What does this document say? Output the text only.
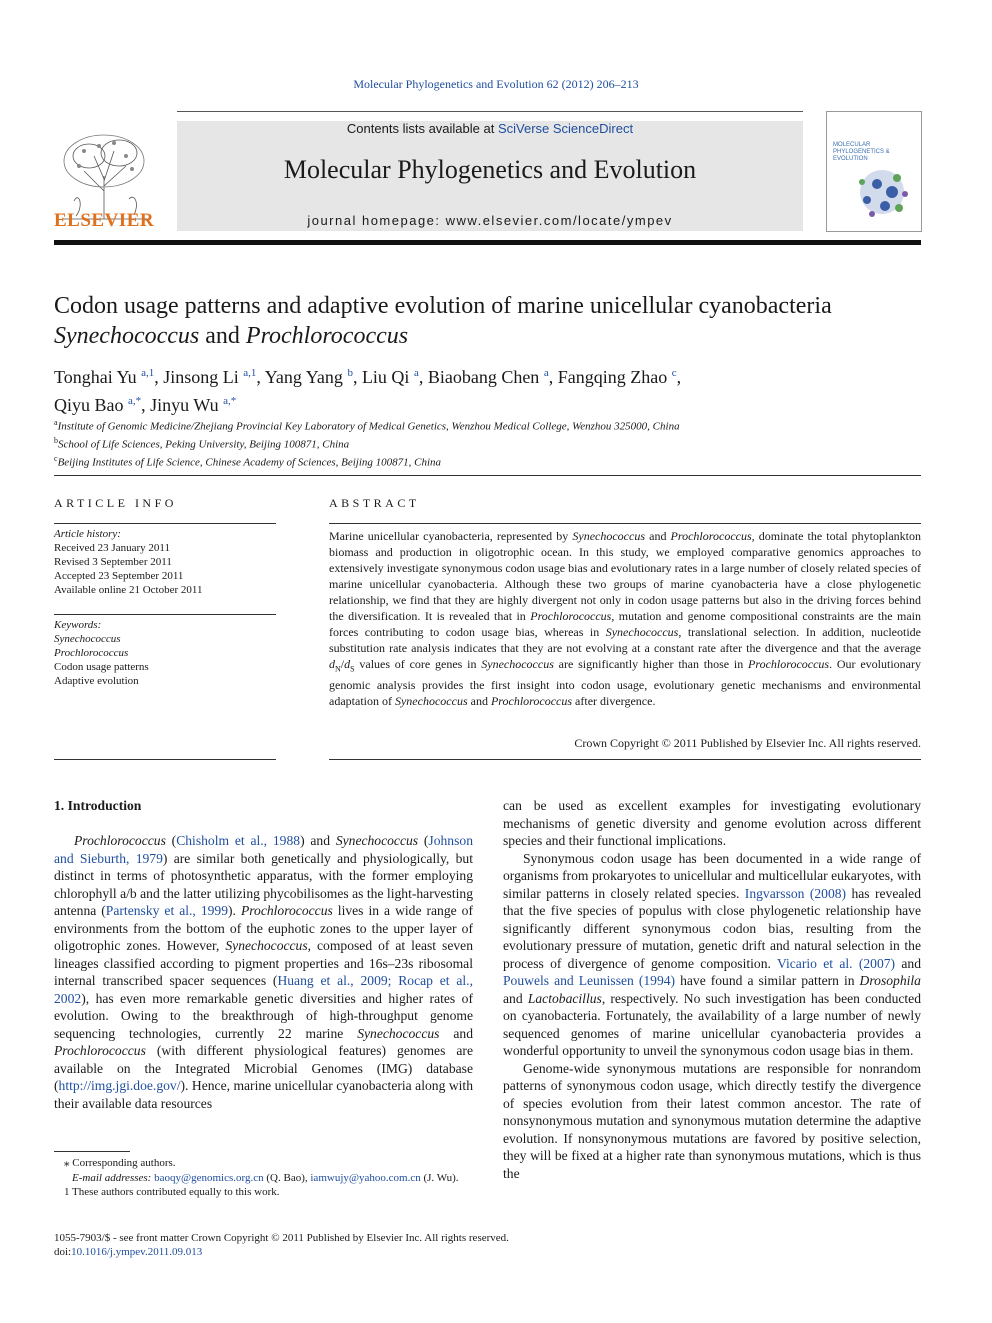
Molecular Phylogenetics and Evolution 62 (2012) 206–213
ELSEVIER
Contents lists available at SciVerse ScienceDirect
Molecular Phylogenetics and Evolution
journal homepage: www.elsevier.com/locate/ympev
MOLECULAR PHYLOGENETICS & EVOLUTION
Codon usage patterns and adaptive evolution of marine unicellular cyanobacteria
Synechococcus and Prochlorococcus
Tonghai Yu $^{a,1}$, Jinsong Li $^{a,1}$, Yang Yang $^b$, Liu Qi $^a$, Biaobang Chen $^a$, Fangqing Zhao $^c$,
Qiyu Bao $^{a,*}$, Jinyu Wu $^{a,*}$
$^a$Institute of Genomic Medicine/Zhejiang Provincial Key Laboratory of Medical Genetics, Wenzhou Medical College, Wenzhou 325000, China
$^b$School of Life Sciences, Peking University, Beijing 100871, China
$^c$Beijing Institutes of Life Science, Chinese Academy of Sciences, Beijing 100871, China
ARTICLE INFO
Article history:
Received 23 January 2011
Revised 3 September 2011
Accepted 23 September 2011
Available online 21 October 2011
Keywords:
Synechococcus
Prochlorococcus
Codon usage patterns
Adaptive evolution
ABSTRACT
Marine unicellular cyanobacteria, represented by Synechococcus and Prochlorococcus, dominate the total phytoplankton biomass and production in oligotrophic ocean. In this study, we employed comparative genomics approaches to extensively investigate synonymous codon usage bias and evolutionary rates in a large number of closely related species of marine unicellular cyanobacteria. Although these two groups of marine cyanobacteria have a close phylogenetic relationship, we find that they are highly divergent not only in codon usage patterns but also in the driving forces behind the diversification. It is revealed that in Prochlorococcus, mutation and genome compositional constraints are the main forces contributing to codon usage bias, whereas in Synechococcus, translational selection. In addition, nucleotide substitution rate analysis indicates that they are not evolving at a constant rate after the divergence and that the average $d_N/d_S$ values of core genes in Synechococcus are significantly higher than those in Prochlorococcus. Our evolutionary genomic analysis provides the first insight into codon usage, evolutionary genetic mechanisms and environmental adaptation of Synechococcus and Prochlorococcus after divergence.
Crown Copyright © 2011 Published by Elsevier Inc. All rights reserved.
1. Introduction

Prochlorococcus (Chisholm et al., 1988) and Synechococcus (Johnson and Sieburth, 1979) are similar both genetically and physiologically, but distinct in terms of photosynthetic apparatus, with the former employing chlorophyll a/b and the latter utilizing phycobilisomes as the light-harvesting antenna (Partensky et al., 1999). Prochlorococcus lives in a wide range of environments from the bottom of the euphotic zones to the upper layer of oligotrophic zones. However, Synechococcus, composed of at least seven lineages classified according to pigment properties and 16s–23s ribosomal internal transcribed spacer sequences (Huang et al., 2009; Rocap et al., 2002), has even more remarkable genetic diversities and higher rates of evolution. Owing to the breakthrough of high-throughput genome sequencing technologies, currently 22 marine Synechococcus and Prochlorococcus (with different physiological features) genomes are available on the Integrated Microbial Genomes (IMG) database (http://img.jgi.doe.gov/). Hence, marine unicellular cyanobacteria along with their available data resources

can be used as excellent examples for investigating evolutionary mechanisms of genetic diversity and genome evolution across different species and their functional implications.

Synonymous codon usage has been documented in a wide range of organisms from prokaryotes to unicellular and multicellular eukaryotes, with similar patterns in closely related species. Ingvarsson (2008) has revealed that the five species of populus with close phylogenetic relationship have significantly different synonymous codon bias, resulting from the evolutionary pressure of mutation, genetic drift and natural selection in the process of divergence of genome composition. Vicario et al. (2007) and Pouwels and Leunissen (1994) have found a similar pattern in Drosophila and Lactobacillus, respectively. No such investigation has been conducted on cyanobacteria. Fortunately, the availability of a large number of newly sequenced genomes of marine unicellular cyanobacteria provides a wonderful opportunity to unveil the synonymous codon usage bias in them.

Genome-wide synonymous mutations are responsible for nonrandom patterns of synonymous codon usage, which directly testify the divergence of species evolution from their latest common ancestor. The rate of nonsynonymous mutation and synonymous mutation determine the adaptive evolution. If nonsynonymous mutations are favored by positive selection, they will be fixed at a higher rate than synonymous mutations, which is thus the

⁎ Corresponding authors.
E-mail addresses: baoqy@genomics.org.cn (Q. Bao), iamwujy@yahoo.com.cn (J. Wu).
1 These authors contributed equally to this work.
1055-7903/$ - see front matter Crown Copyright © 2011 Published by Elsevier Inc. All rights reserved.
doi:10.1016/j.ympev.2011.09.013
